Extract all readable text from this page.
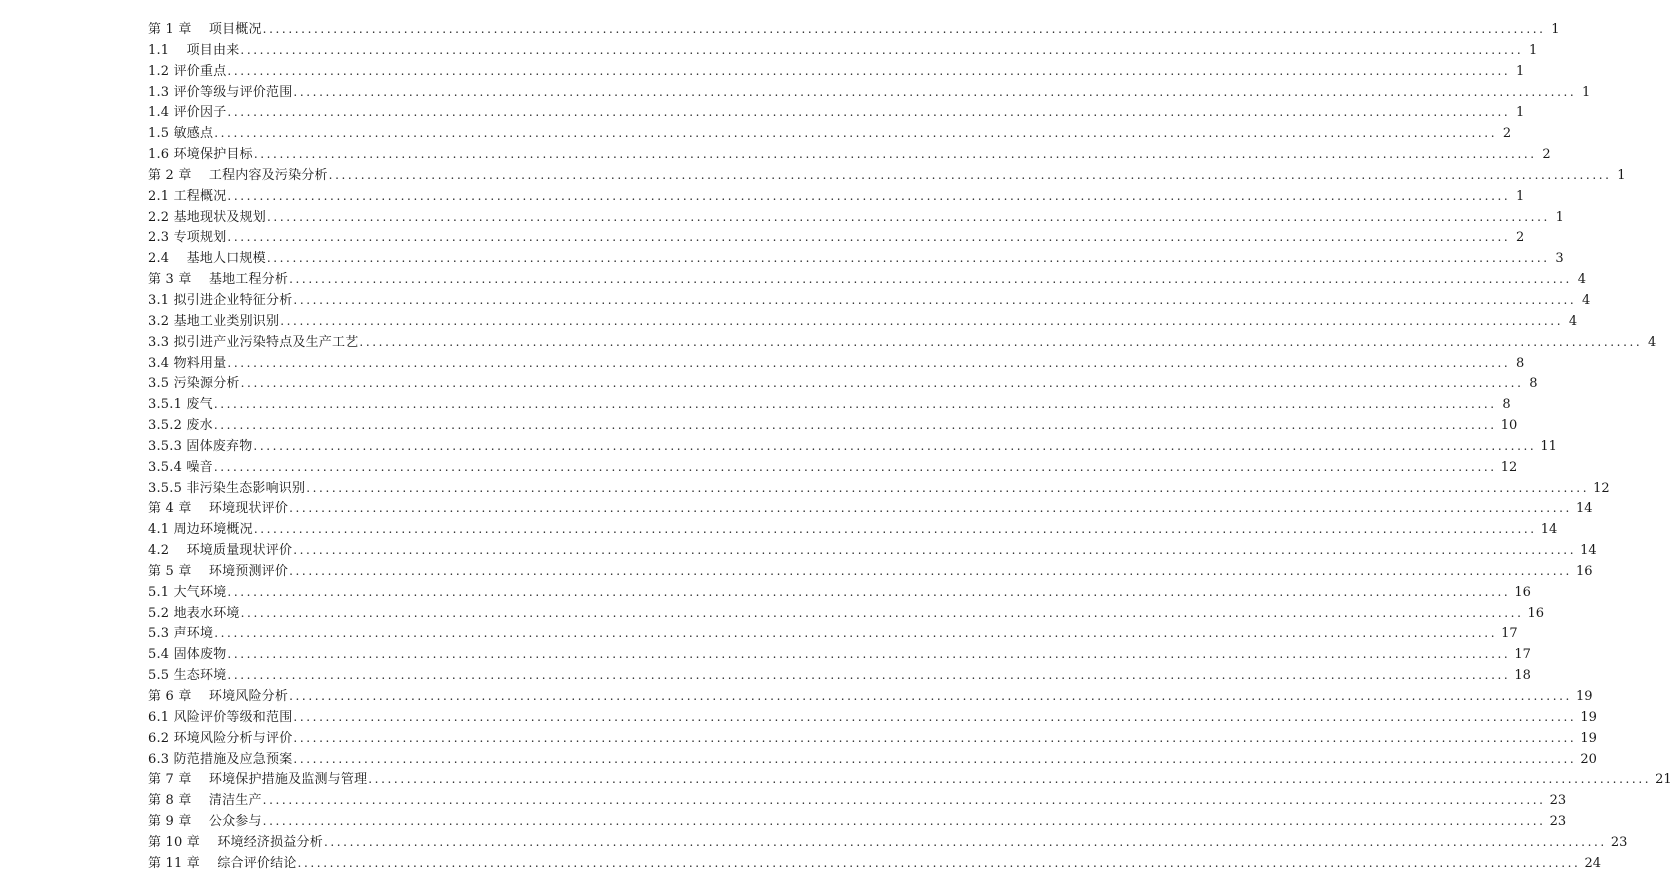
第 1 章    项目概况 ........................................................................................................................................................................................................ 1
1.1    项目由来 ........................................................................................................................................................................................................ 1
1.2 评价重点 ........................................................................................................................................................................................................ 1
1.3 评价等级与评价范围 ........................................................................................................................................................................................................ 1
1.4 评价因子 ........................................................................................................................................................................................................ 1
1.5 敏感点 ........................................................................................................................................................................................................ 2
1.6 环境保护目标 ........................................................................................................................................................................................................ 2
第 2 章    工程内容及污染分析 ........................................................................................................................................................................................................ 1
2.1 工程概况 ........................................................................................................................................................................................................ 1
2.2 基地现状及规划 ........................................................................................................................................................................................................ 1
2.3 专项规划 ........................................................................................................................................................................................................ 2
2.4    基地人口规模 ........................................................................................................................................................................................................ 3
第 3 章    基地工程分析 ........................................................................................................................................................................................................ 4
3.1 拟引进企业特征分析 ........................................................................................................................................................................................................ 4
3.2 基地工业类别识别 ........................................................................................................................................................................................................ 4
3.3 拟引进产业污染特点及生产工艺 ........................................................................................................................................................................................................ 4
3.4 物料用量 ........................................................................................................................................................................................................ 8
3.5 污染源分析 ........................................................................................................................................................................................................ 8
3.5.1 废气 ........................................................................................................................................................................................................ 8
3.5.2 废水 ........................................................................................................................................................................................................ 10
3.5.3 固体废弃物 ........................................................................................................................................................................................................ 11
3.5.4 噪音 ........................................................................................................................................................................................................ 12
3.5.5 非污染生态影响识别 ........................................................................................................................................................................................................ 12
第 4 章    环境现状评价 ........................................................................................................................................................................................................ 14
4.1 周边环境概况 ........................................................................................................................................................................................................ 14
4.2    环境质量现状评价 ........................................................................................................................................................................................................ 14
第 5 章    环境预测评价 ........................................................................................................................................................................................................ 16
5.1 大气环境 ........................................................................................................................................................................................................ 16
5.2 地表水环境 ........................................................................................................................................................................................................ 16
5.3 声环境 ........................................................................................................................................................................................................ 17
5.4 固体废物 ........................................................................................................................................................................................................ 17
5.5 生态环境 ........................................................................................................................................................................................................ 18
第 6 章    环境风险分析 ........................................................................................................................................................................................................ 19
6.1 风险评价等级和范围 ........................................................................................................................................................................................................ 19
6.2 环境风险分析与评价 ........................................................................................................................................................................................................ 19
6.3 防范措施及应急预案 ........................................................................................................................................................................................................ 20
第 7 章    环境保护措施及监测与管理 ........................................................................................................................................................................................................ 21
第 8 章    清洁生产 ........................................................................................................................................................................................................ 23
第 9 章    公众参与 ........................................................................................................................................................................................................ 23
第 10 章    环境经济损益分析 ........................................................................................................................................................................................................ 23
第 11 章    综合评价结论 ........................................................................................................................................................................................................ 24
